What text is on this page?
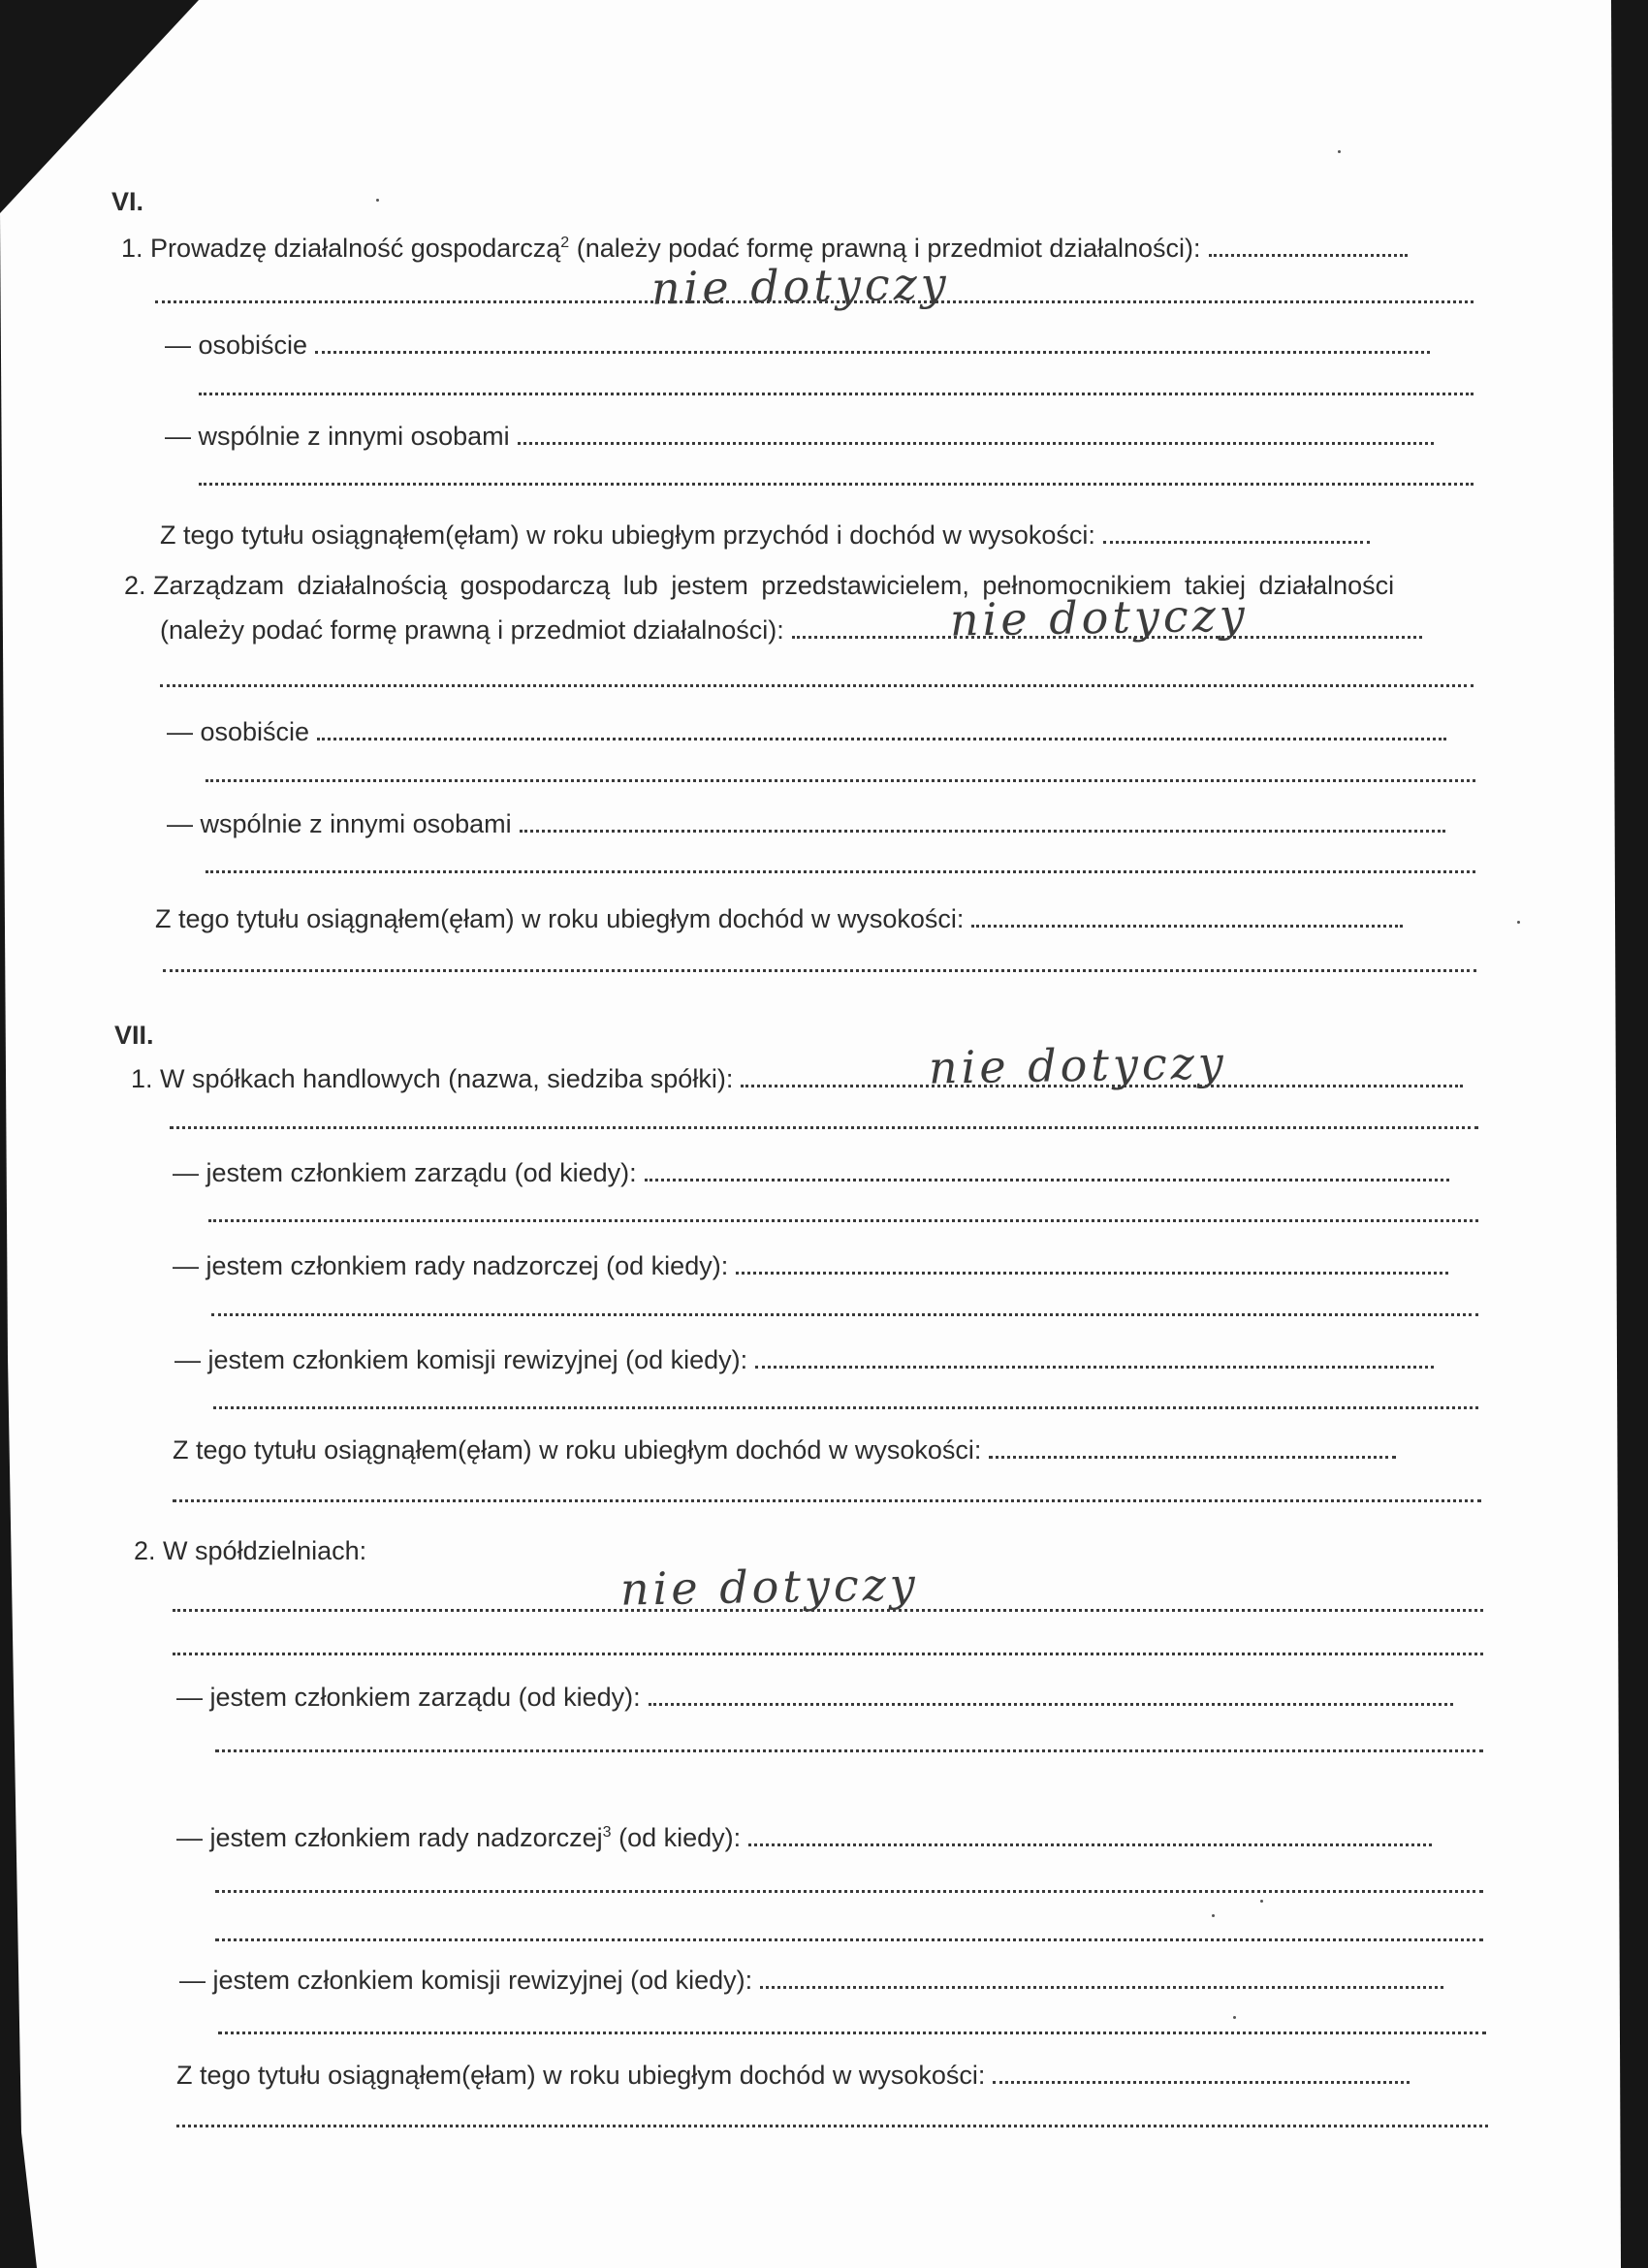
VI.
1. Prowadzę działalność gospodarczą$^2$ (należy podać formę prawną i przedmiot działalności):
nie dotyczy
— osobiście
— wspólnie z innymi osobami
Z tego tytułu osiągnąłem(ęłam) w roku ubiegłym przychód i dochód w wysokości:
2. Zarządzam działalnością gospodarczą lub jestem przedstawicielem, pełnomocnikiem takiej działalności
(należy podać formę prawną i przedmiot działalności):	nie dotyczy
— osobiście
— wspólnie z innymi osobami
Z tego tytułu osiągnąłem(ęłam) w roku ubiegłym dochód w wysokości:
VII.
1. W spółkach handlowych (nazwa, siedziba spółki):	nie dotyczy
— jestem członkiem zarządu (od kiedy):
— jestem członkiem rady nadzorczej (od kiedy):
— jestem członkiem komisji rewizyjnej (od kiedy):
Z tego tytułu osiągnąłem(ęłam) w roku ubiegłym dochód w wysokości:
2. W spółdzielniach:
nie dotyczy
— jestem członkiem zarządu (od kiedy):
— jestem członkiem rady nadzorczej$^3$ (od kiedy):
— jestem członkiem komisji rewizyjnej (od kiedy):
Z tego tytułu osiągnąłem(ęłam) w roku ubiegłym dochód w wysokości:
